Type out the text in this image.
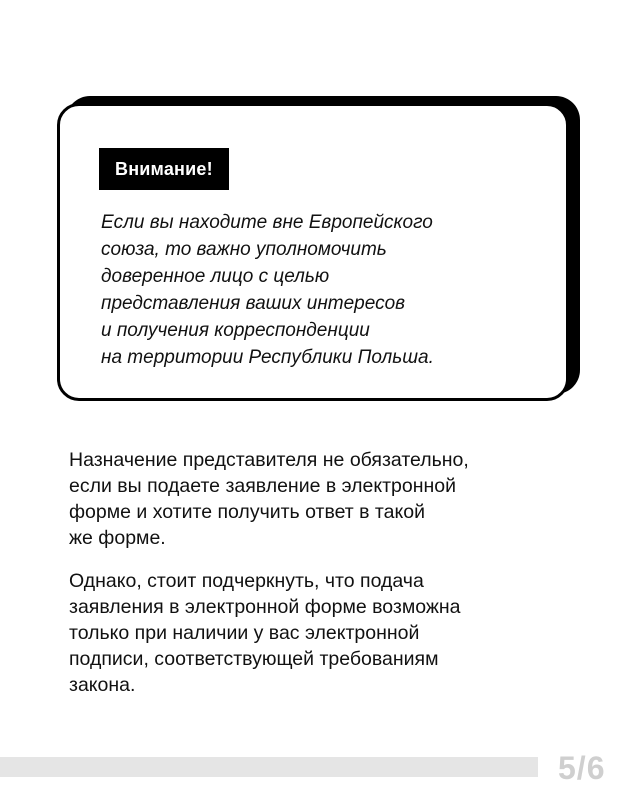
Внимание!

Если вы находите вне Европейского
союза, то важно уполномочить
доверенное лицо с целью
представления ваших интересов
и получения корреспонденции
на территории Республики Польша.

Назначение представителя не обязательно,
если вы подаете заявление в электронной
форме и хотите получить ответ в такой
же форме.

Однако, стоит подчеркнуть, что подача
заявления в электронной форме возможна
только при наличии у вас электронной
подписи, соответствующей требованиям
закона.

5/6
